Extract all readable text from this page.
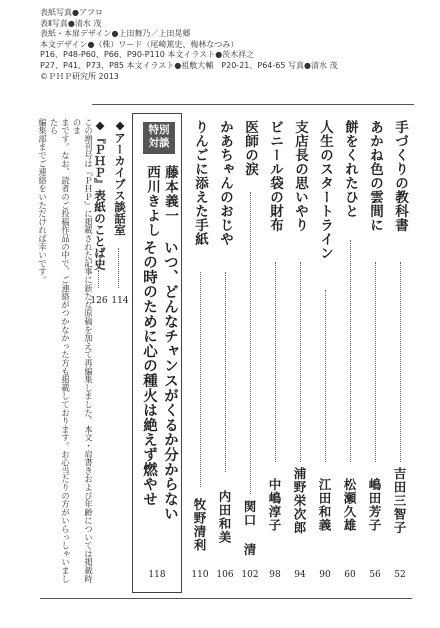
表紙写真●アフロ
表Ⅱ写真●清水 茂
表紙・本扉デザイン●上田舞乃／上田晃郷
本文デザイン●（株）ワード（尾崎篤史、梅林なつみ）
P16、P48-P60、P66、P90-P110 本文イラスト●茨木祥之
P27、P41、P73、P85 本文イラスト●祖敷大輔　P20-21、P64-65 写真●清水 茂
©ＰＨＰ研究所 2013
手づくりの教科書
吉田三智子
52
あかね色の雲間に
嶋田芳子
56
餅をくれたひと
松瀬久雄
60
人生のスタートライン
江田和義
90
支店長の思いやり
浦野栄次郎
94
ビニール袋の財布
中嶋淳子
98
医師の涙
関口 清
102
かあちゃんのおじや
内田和美
106
りんごに添えた手紙
牧野清利
110
特別
対談
藤本義一
西川きよし
いつ、どんなチャンスがくるか分からない
その時のために心の種火は絶えず燃やせ
118
◆アーカイブス談話室
114
◆『ＰＨＰ』表紙のことば史
126
この増刊号は『ＰＨＰ』に掲載された記事に新たな原稿を加えて再編集しました。本文・肩書きおよび年齢については掲載時のま
まです。なお、読者のご投稿作品の中で、ご連絡がつかなかった方も掲載しております。お心当たりの方がいらっしゃいましたら
編集部までご連絡をいただければ幸いです。
